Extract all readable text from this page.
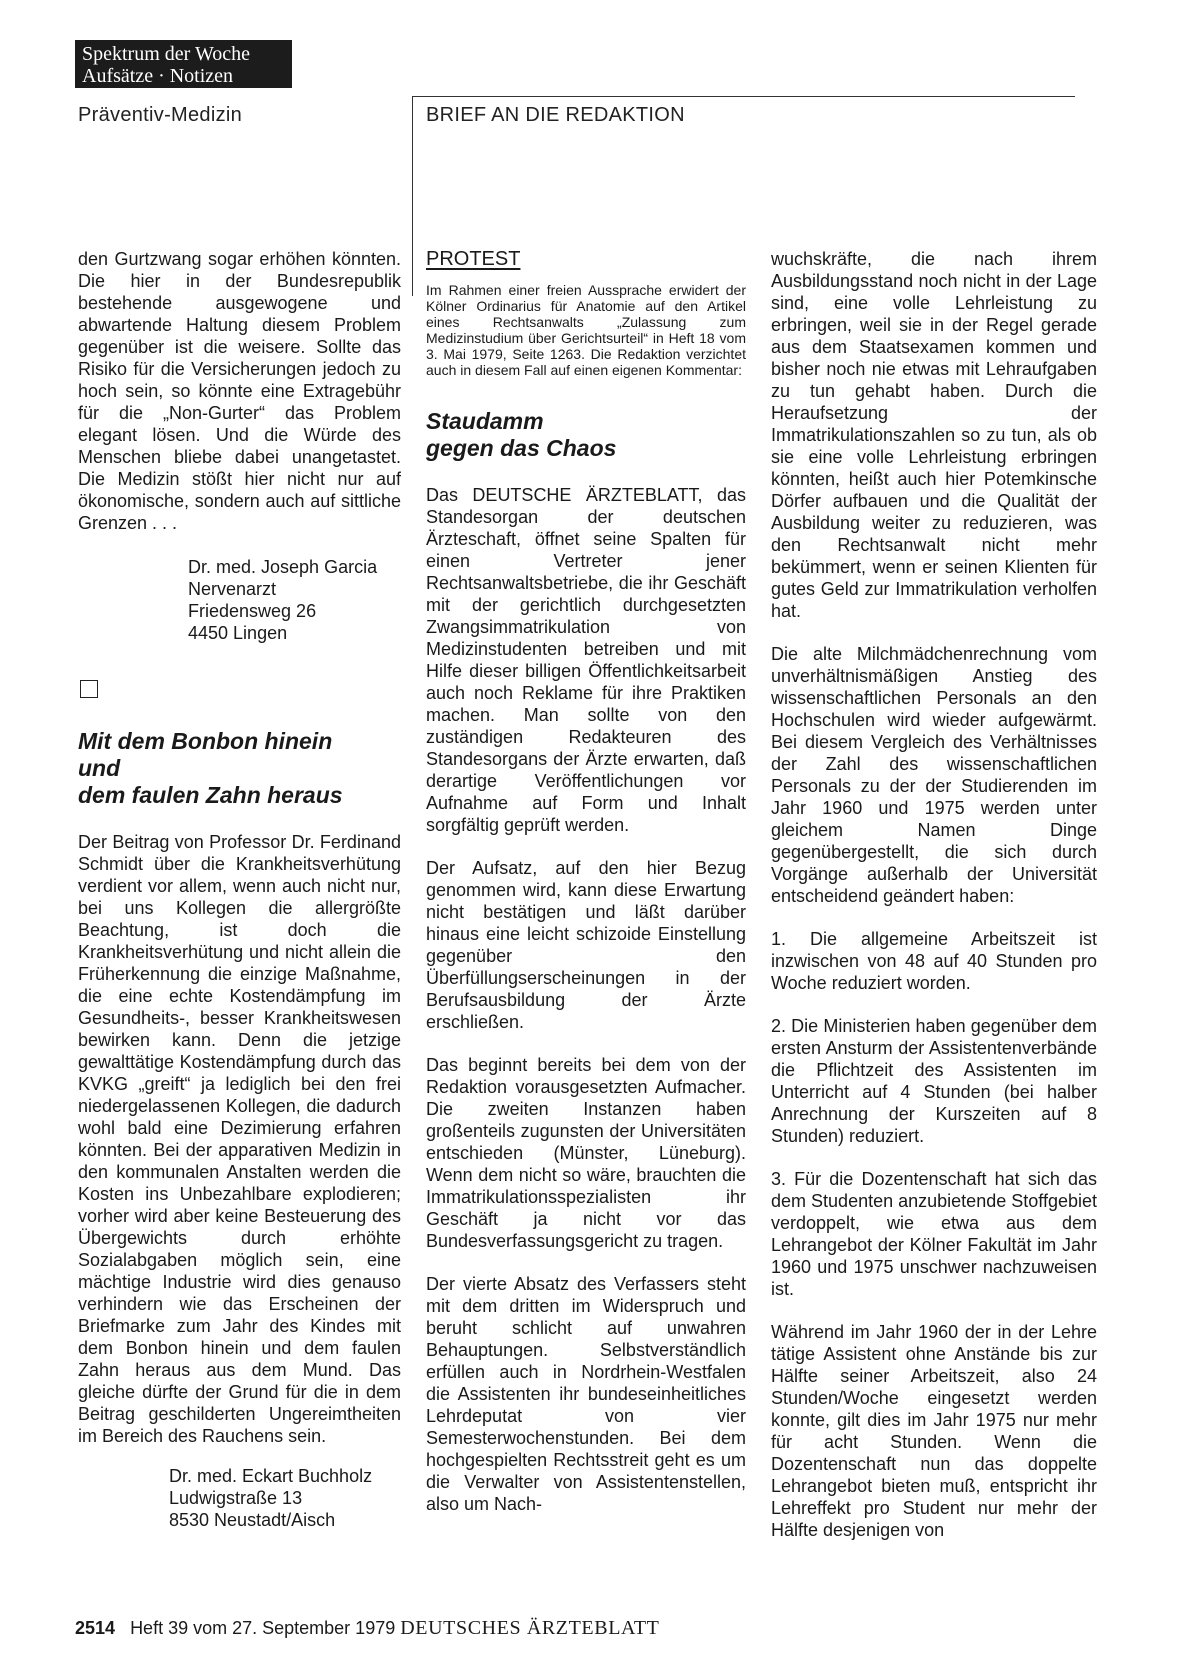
Spektrum der Woche
Aufsätze · Notizen
Präventiv-Medizin	BRIEF AN DIE REDAKTION

den Gurtzwang sogar erhöhen könnten. Die hier in der Bundesrepublik bestehende ausgewogene und abwartende Haltung diesem Problem gegenüber ist die weisere. Sollte das Risiko für die Versicherungen jedoch zu hoch sein, so könnte eine Extragebühr für die „Non-Gurter“ das Problem elegant lösen. Und die Würde des Menschen bliebe dabei unangetastet. Die Medizin stößt hier nicht nur auf ökonomische, sondern auch auf sittliche Grenzen . . .

Dr. med. Joseph Garcia
Nervenarzt
Friedensweg 26
4450 Lingen
Mit dem Bonbon hinein
und
dem faulen Zahn heraus

Der Beitrag von Professor Dr. Ferdinand Schmidt über die Krankheitsverhütung verdient vor allem, wenn auch nicht nur, bei uns Kollegen die allergrößte Beachtung, ist doch die Krankheitsverhütung und nicht allein die Früherkennung die einzige Maßnahme, die eine echte Kostendämpfung im Gesundheits-, besser Krankheitswesen bewirken kann. Denn die jetzige gewalttätige Kostendämpfung durch das KVKG „greift“ ja lediglich bei den frei niedergelassenen Kollegen, die dadurch wohl bald eine Dezimierung erfahren könnten. Bei der apparativen Medizin in den kommunalen Anstalten werden die Kosten ins Unbezahlbare explodieren; vorher wird aber keine Besteuerung des Übergewichts durch erhöhte Sozialabgaben möglich sein, eine mächtige Industrie wird dies genauso verhindern wie das Erscheinen der Briefmarke zum Jahr des Kindes mit dem Bonbon hinein und dem faulen Zahn heraus aus dem Mund. Das gleiche dürfte der Grund für die in dem Beitrag geschilderten Ungereimtheiten im Bereich des Rauchens sein.

Dr. med. Eckart Buchholz
Ludwigstraße 13
8530 Neustadt/Aisch
PROTEST

Im Rahmen einer freien Aussprache erwidert der Kölner Ordinarius für Anatomie auf den Artikel eines Rechtsanwalts „Zulassung zum Medizinstudium über Gerichtsurteil“ in Heft 18 vom 3. Mai 1979, Seite 1263. Die Redaktion verzichtet auch in diesem Fall auf einen eigenen Kommentar:

Staudamm
gegen das Chaos

Das DEUTSCHE ÄRZTEBLATT, das Standesorgan der deutschen Ärzteschaft, öffnet seine Spalten für einen Vertreter jener Rechtsanwaltsbetriebe, die ihr Geschäft mit der gerichtlich durchgesetzten Zwangsimmatrikulation von Medizinstudenten betreiben und mit Hilfe dieser billigen Öffentlichkeitsarbeit auch noch Reklame für ihre Praktiken machen. Man sollte von den zuständigen Redakteuren des Standesorgans der Ärzte erwarten, daß derartige Veröffentlichungen vor Aufnahme auf Form und Inhalt sorgfältig geprüft werden.

Der Aufsatz, auf den hier Bezug genommen wird, kann diese Erwartung nicht bestätigen und läßt darüber hinaus eine leicht schizoide Einstellung gegenüber den Überfüllungserscheinungen in der Berufsausbildung der Ärzte erschließen.

Das beginnt bereits bei dem von der Redaktion vorausgesetzten Aufmacher. Die zweiten Instanzen haben großenteils zugunsten der Universitäten entschieden (Münster, Lüneburg). Wenn dem nicht so wäre, brauchten die Immatrikulationsspezialisten ihr Geschäft ja nicht vor das Bundesverfassungsgericht zu tragen.

Der vierte Absatz des Verfassers steht mit dem dritten im Widerspruch und beruht schlicht auf unwahren Behauptungen. Selbstverständlich erfüllen auch in Nordrhein-Westfalen die Assistenten ihr bundeseinheitliches Lehrdeputat von vier Semesterwochenstunden. Bei dem hochgespielten Rechtsstreit geht es um die Verwalter von Assistentenstellen, also um Nach-

wuchskräfte, die nach ihrem Ausbildungsstand noch nicht in der Lage sind, eine volle Lehrleistung zu erbringen, weil sie in der Regel gerade aus dem Staatsexamen kommen und bisher noch nie etwas mit Lehraufgaben zu tun gehabt haben. Durch die Heraufsetzung der Immatrikulationszahlen so zu tun, als ob sie eine volle Lehrleistung erbringen könnten, heißt auch hier Potemkinsche Dörfer aufbauen und die Qualität der Ausbildung weiter zu reduzieren, was den Rechtsanwalt nicht mehr bekümmert, wenn er seinen Klienten für gutes Geld zur Immatrikulation verholfen hat.

Die alte Milchmädchenrechnung vom unverhältnismäßigen Anstieg des wissenschaftlichen Personals an den Hochschulen wird wieder aufgewärmt. Bei diesem Vergleich des Verhältnisses der Zahl des wissenschaftlichen Personals zu der der Studierenden im Jahr 1960 und 1975 werden unter gleichem Namen Dinge gegenübergestellt, die sich durch Vorgänge außerhalb der Universität entscheidend geändert haben:

1. Die allgemeine Arbeitszeit ist inzwischen von 48 auf 40 Stunden pro Woche reduziert worden.

2. Die Ministerien haben gegenüber dem ersten Ansturm der Assistentenverbände die Pflichtzeit des Assistenten im Unterricht auf 4 Stunden (bei halber Anrechnung der Kurszeiten auf 8 Stunden) reduziert.

3. Für die Dozentenschaft hat sich das dem Studenten anzubietende Stoffgebiet verdoppelt, wie etwa aus dem Lehrangebot der Kölner Fakultät im Jahr 1960 und 1975 unschwer nachzuweisen ist.

Während im Jahr 1960 der in der Lehre tätige Assistent ohne Anstände bis zur Hälfte seiner Arbeitszeit, also 24 Stunden/Woche eingesetzt werden konnte, gilt dies im Jahr 1975 nur mehr für acht Stunden. Wenn die Dozentenschaft nun das doppelte Lehrangebot bieten muß, entspricht ihr Lehreffekt pro Student nur mehr der Hälfte desjenigen von

2514 Heft 39 vom 27. September 1979 DEUTSCHES ÄRZTEBLATT
